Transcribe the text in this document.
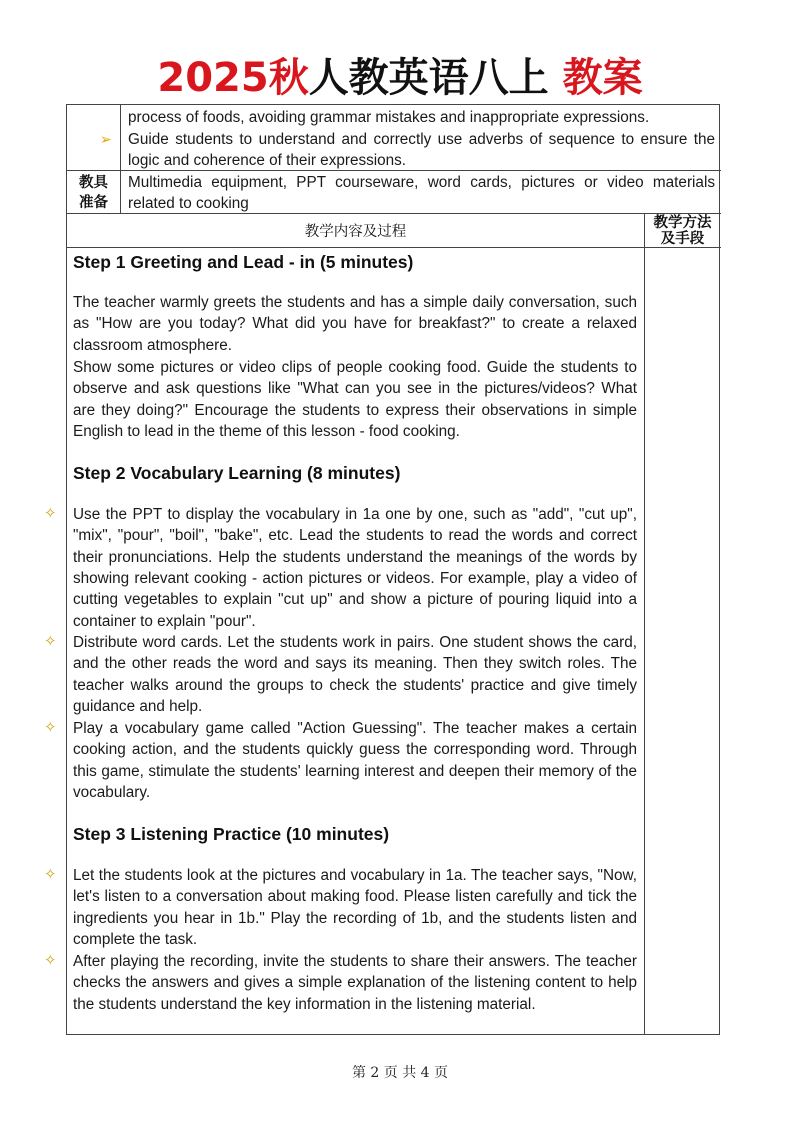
2025秋人教英语八上 教案
process of foods, avoiding grammar mistakes and inappropriate expressions.
➢ Guide students to understand and correctly use adverbs of sequence to ensure the logic and coherence of their expressions.
教具
准备
Multimedia equipment, PPT courseware, word cards, pictures or video materials related to cooking
教学内容及过程
教学方法
及手段
Step 1 Greeting and Lead - in (5 minutes)
The teacher warmly greets the students and has a simple daily conversation, such as "How are you today? What did you have for breakfast?" to create a relaxed classroom atmosphere.
Show some pictures or video clips of people cooking food. Guide the students to observe and ask questions like "What can you see in the pictures/videos? What are they doing?" Encourage the students to express their observations in simple English to lead in the theme of this lesson - food cooking.
Step 2 Vocabulary Learning (8 minutes)
Use the PPT to display the vocabulary in 1a one by one, such as "add", "cut up", "mix", "pour", "boil", "bake", etc. Lead the students to read the words and correct their pronunciations. Help the students understand the meanings of the words by showing relevant cooking - action pictures or videos. For example, play a video of cutting vegetables to explain "cut up" and show a picture of pouring liquid into a container to explain "pour".
Distribute word cards. Let the students work in pairs. One student shows the card, and the other reads the word and says its meaning. Then they switch roles. The teacher walks around the groups to check the students' practice and give timely guidance and help.
Play a vocabulary game called "Action Guessing". The teacher makes a certain cooking action, and the students quickly guess the corresponding word. Through this game, stimulate the students' learning interest and deepen their memory of the vocabulary.
Step 3 Listening Practice (10 minutes)
Let the students look at the pictures and vocabulary in 1a. The teacher says, "Now, let's listen to a conversation about making food. Please listen carefully and tick the ingredients you hear in 1b." Play the recording of 1b, and the students listen and complete the task.
After playing the recording, invite the students to share their answers. The teacher checks the answers and gives a simple explanation of the listening content to help the students understand the key information in the listening material.
✧
✧
✧
✧
✧
第 2 页 共 4 页
